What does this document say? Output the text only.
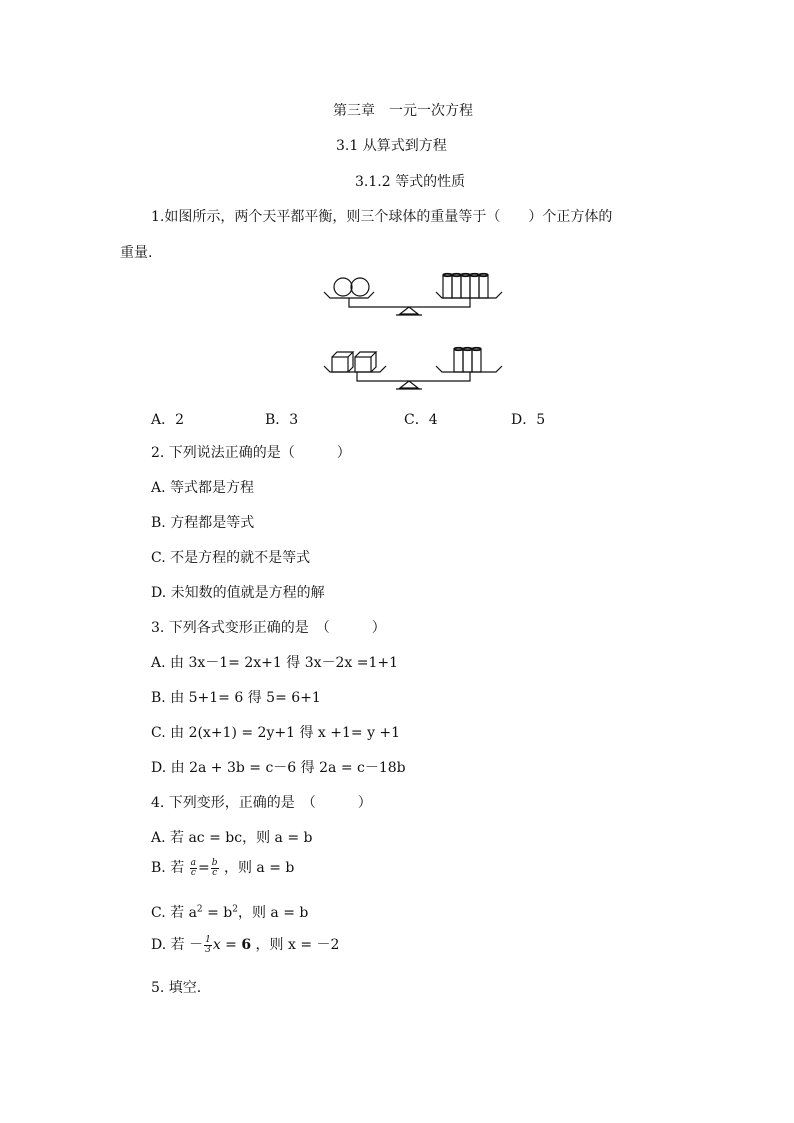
第三章　一元一次方程
3.1 从算式到方程
3.1.2 等式的性质
1.如图所示，两个天平都平衡，则三个球体的重量等于（　　）个正方体的
重量.
A．2	B．3	C．4	D．5
2. 下列说法正确的是（　　　）
A. 等式都是方程
B. 方程都是等式
C. 不是方程的就不是等式
D. 未知数的值就是方程的解
3. 下列各式变形正确的是　（　　　）
A. 由 3x－1= 2x+1 得 3x－2x =1+1
B. 由 5+1= 6 得 5= 6+1
C. 由 2(x+1) = 2y+1 得 x +1= y +1
D. 由 2a + 3b = c－6 得 2a = c－18b
4. 下列变形，正确的是　（　　　）
A. 若 ac = bc，则 a = b
B. 若 $\frac{a}{c} = \frac{b}{c}$ ，则 a = b
C. 若 $a^2 = b^2$，则 a = b
D. 若 － $\frac{1}{3}$ x = 6 ，则 x = －2
5. 填空.
